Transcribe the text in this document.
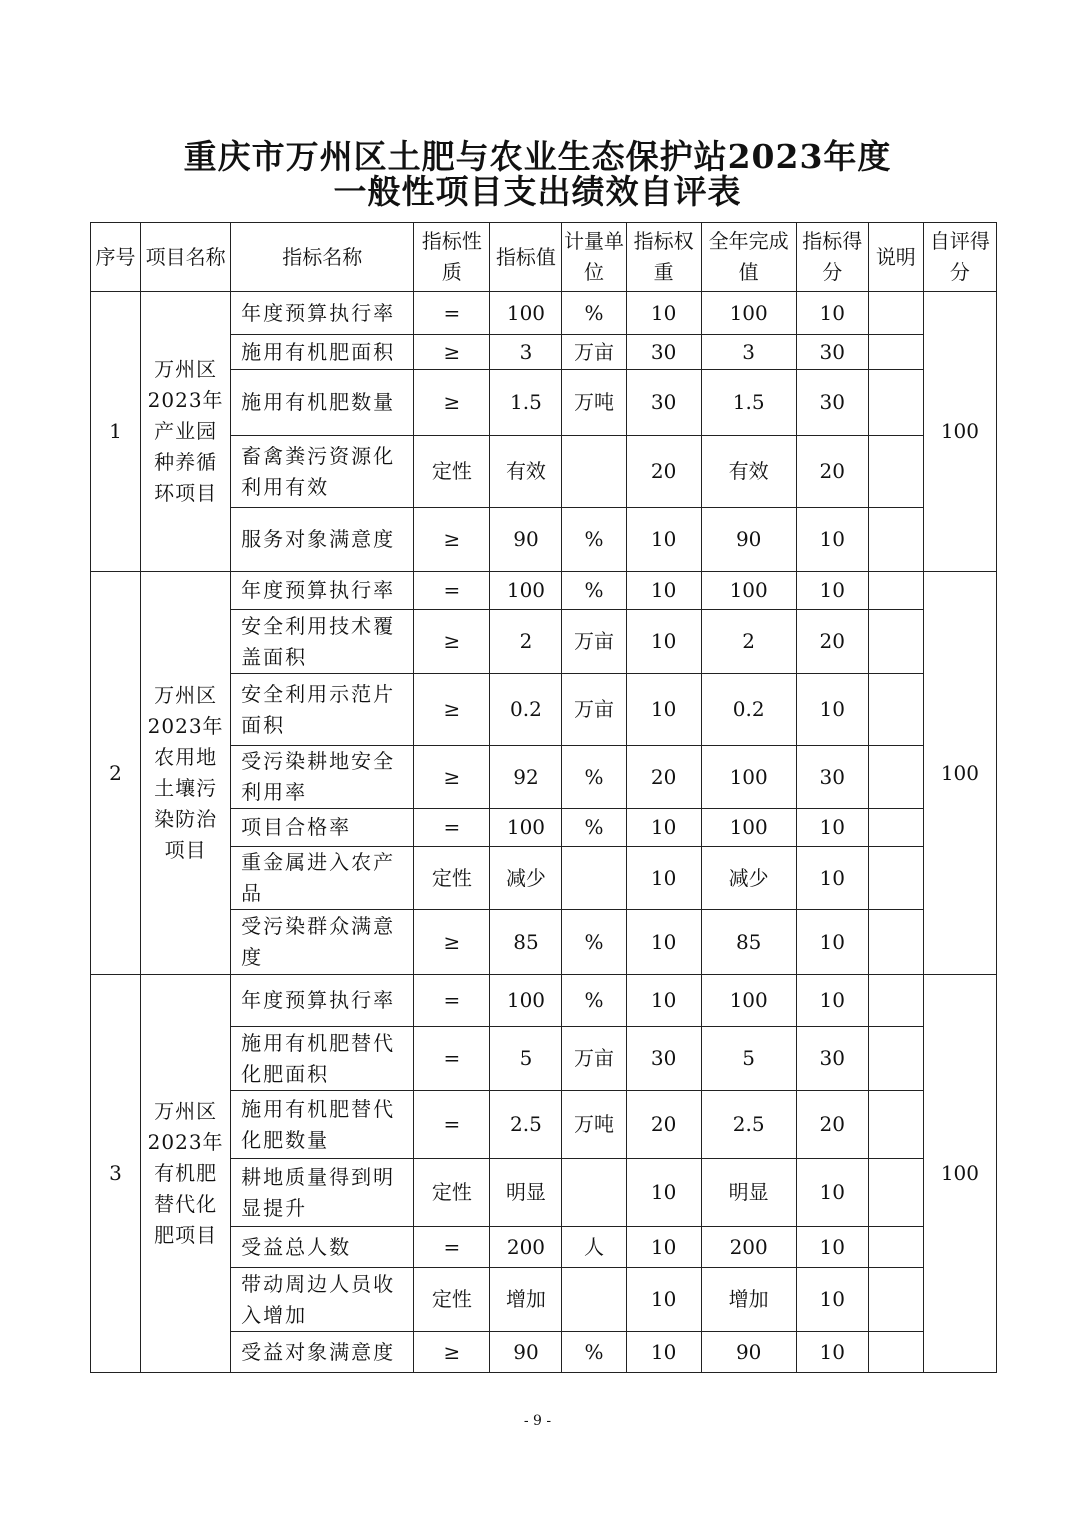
重庆市万州区土肥与农业生态保护站2023年度
一般性项目支出绩效自评表
序号	项目名称	指标名称	指标性质	指标值	计量单位	指标权重	全年完成值	指标得分	说明	自评得分
1	万州区2023年产业园种养循环项目	年度预算执行率	=	100	%	10	100	10		100
		施用有机肥面积	≥	3	万亩	30	3	30		
		施用有机肥数量	≥	1.5	万吨	30	1.5	30		
		畜禽粪污资源化利用有效	定性	有效		20	有效	20		
		服务对象满意度	≥	90	%	10	90	10		
2	万州区2023年农用地土壤污染防治项目	年度预算执行率	=	100	%	10	100	10		100
		安全利用技术覆盖面积	≥	2	万亩	10	2	20		
		安全利用示范片面积	≥	0.2	万亩	10	0.2	10		
		受污染耕地安全利用率	≥	92	%	20	100	30		
		项目合格率	=	100	%	10	100	10		
		重金属进入农产品	定性	减少		10	减少	10		
		受污染群众满意度	≥	85	%	10	85	10		
3	万州区2023年有机肥替代化肥项目	年度预算执行率	=	100	%	10	100	10		100
		施用有机肥替代化肥面积	=	5	万亩	30	5	30		
		施用有机肥替代化肥数量	=	2.5	万吨	20	2.5	20		
		耕地质量得到明显提升	定性	明显		10	明显	10		
		受益总人数	=	200	人	10	200	10		
		带动周边人员收入增加	定性	增加		10	增加	10		
		受益对象满意度	≥	90	%	10	90	10		
- 9 -
